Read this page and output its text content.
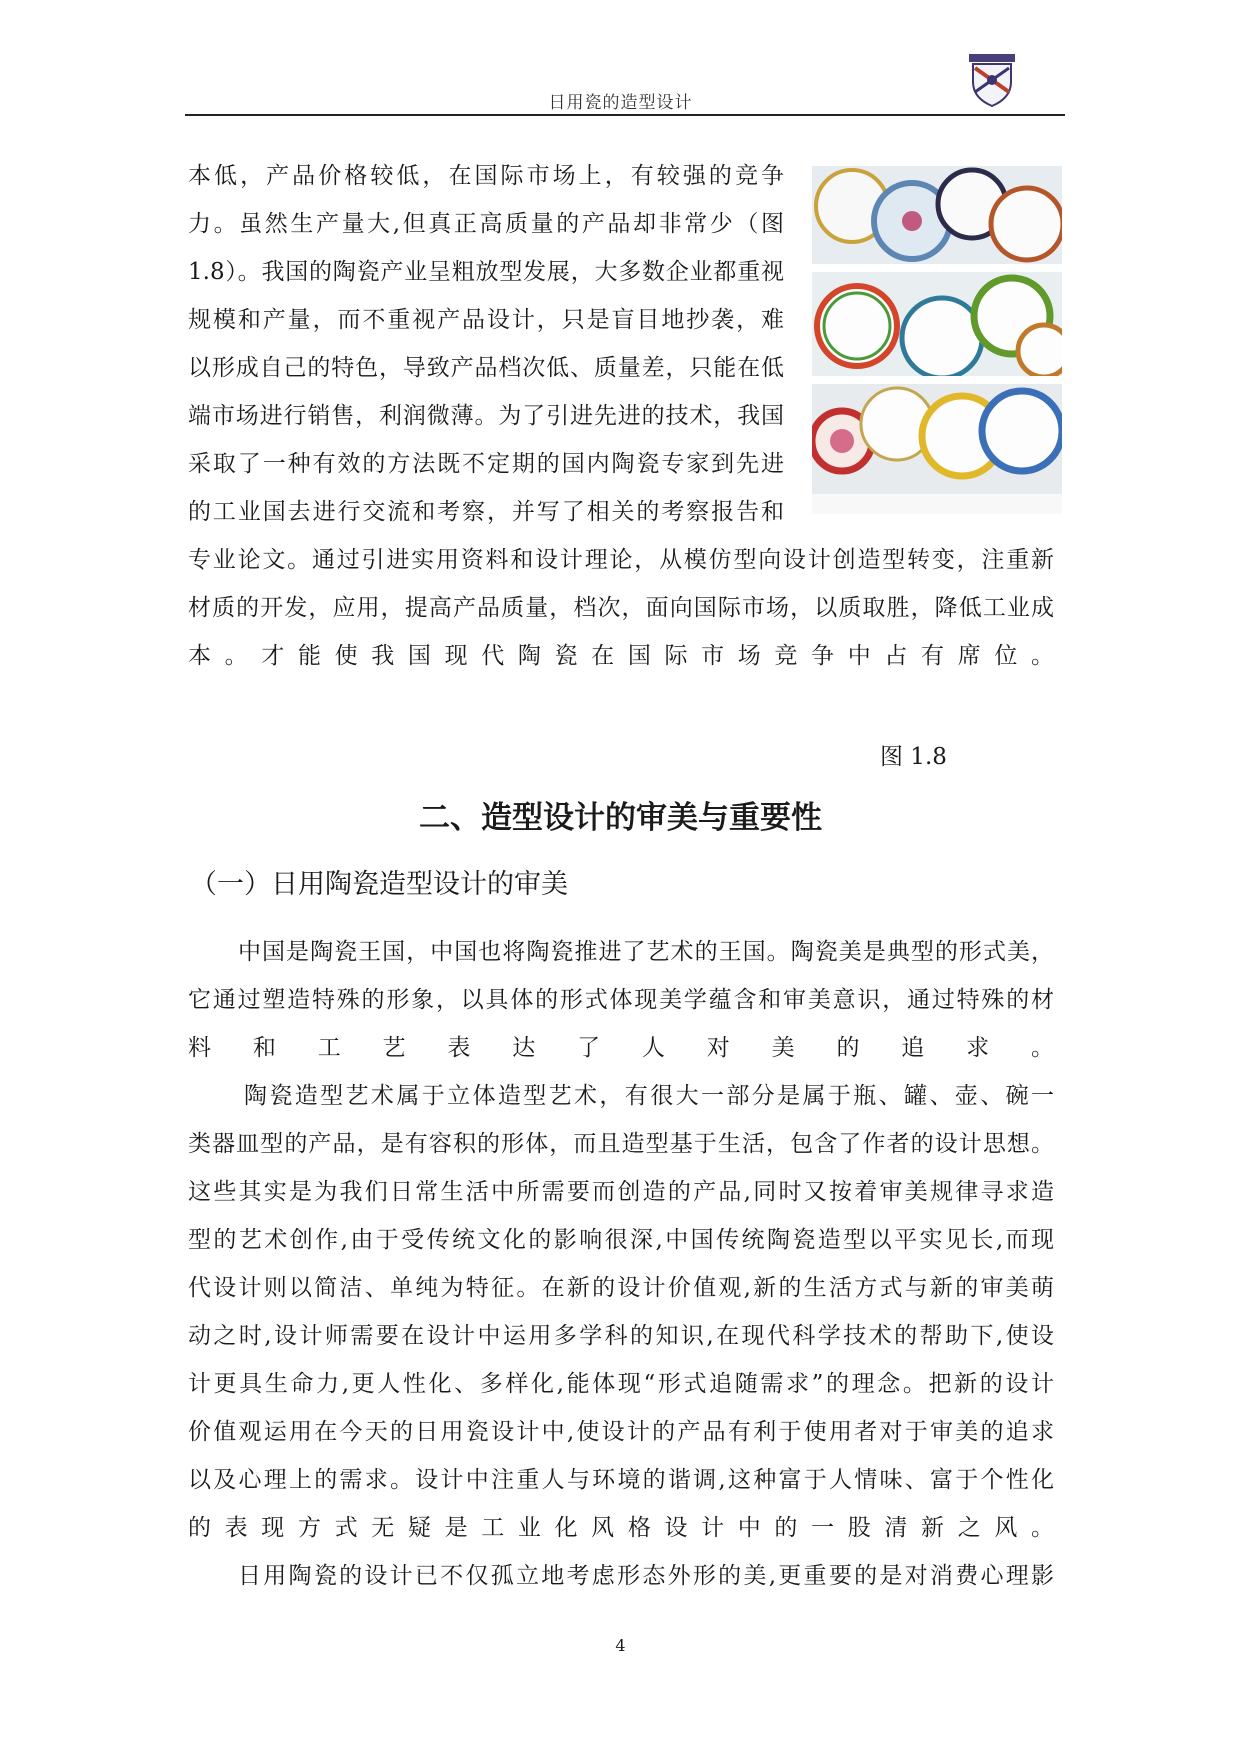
日用瓷的造型设计
本低，产品价格较低，在国际市场上，有较强的竞争
力。虽然生产量大,但真正高质量的产品却非常少（图
1.8）。我国的陶瓷产业呈粗放型发展，大多数企业都重视
规模和产量，而不重视产品设计，只是盲目地抄袭，难
以形成自己的特色，导致产品档次低、质量差，只能在低
端市场进行销售，利润微薄。为了引进先进的技术，我国
采取了一种有效的方法既不定期的国内陶瓷专家到先进
的工业国去进行交流和考察，并写了相关的考察报告和
专业论文。通过引进实用资料和设计理论，从模仿型向设计创造型转变，注重新
材质的开发，应用，提高产品质量，档次，面向国际市场，以质取胜，降低工业成
本。才能使我国现代陶瓷在国际市场竞争中占有席位。
图 1.8
二、造型设计的审美与重要性
（一）日用陶瓷造型设计的审美
中国是陶瓷王国，中国也将陶瓷推进了艺术的王国。陶瓷美是典型的形式美，
它通过塑造特殊的形象，以具体的形式体现美学蕴含和审美意识，通过特殊的材
料和工艺表达了人对美的追求。
陶瓷造型艺术属于立体造型艺术，有很大一部分是属于瓶、罐、壶、碗一
类器皿型的产品，是有容积的形体，而且造型基于生活，包含了作者的设计思想。
这些其实是为我们日常生活中所需要而创造的产品,同时又按着审美规律寻求造
型的艺术创作,由于受传统文化的影响很深,中国传统陶瓷造型以平实见长,而现
代设计则以简洁、单纯为特征。在新的设计价值观,新的生活方式与新的审美萌
动之时,设计师需要在设计中运用多学科的知识,在现代科学技术的帮助下,使设
计更具生命力,更人性化、多样化,能体现“形式追随需求”的理念。把新的设计
价值观运用在今天的日用瓷设计中,使设计的产品有利于使用者对于审美的追求
以及心理上的需求。设计中注重人与环境的谐调,这种富于人情味、富于个性化
的表现方式无疑是工业化风格设计中的一股清新之风。
日用陶瓷的设计已不仅孤立地考虑形态外形的美,更重要的是对消费心理影
4
